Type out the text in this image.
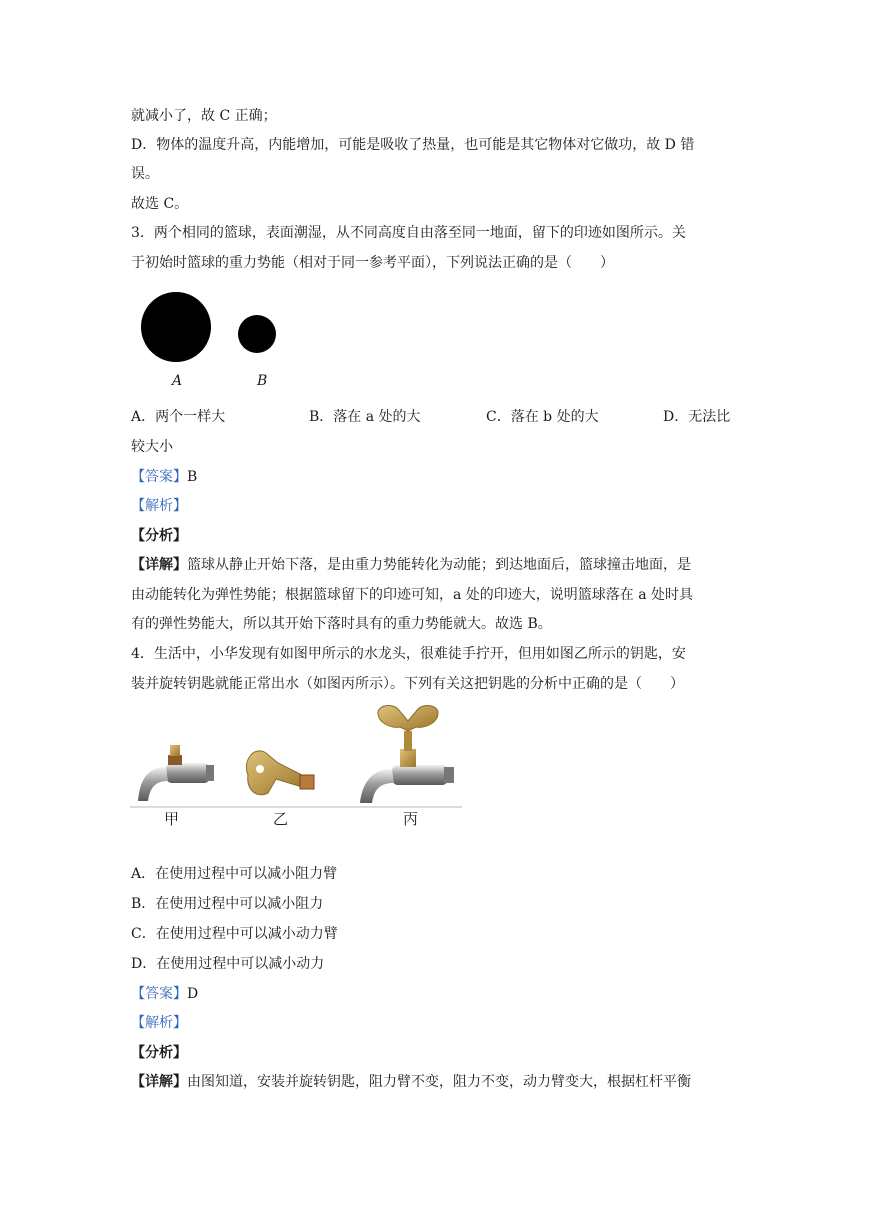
就减小了，故 C 正确；
D．物体的温度升高，内能增加，可能是吸收了热量，也可能是其它物体对它做功，故 D 错
误。
故选 C。
3．两个相同的篮球，表面潮湿，从不同高度自由落至同一地面，留下的印迹如图所示。关
于初始时篮球的重力势能（相对于同一参考平面），下列说法正确的是（　　）
A	B
A．两个一样大	B．落在 a 处的大	C．落在 b 处的大	D．无法比
较大小
【答案】B
【解析】
【分析】
【详解】篮球从静止开始下落，是由重力势能转化为动能；到达地面后，篮球撞击地面，是
由动能转化为弹性势能；根据篮球留下的印迹可知，a 处的印迹大，说明篮球落在 a 处时具
有的弹性势能大，所以其开始下落时具有的重力势能就大。故选 B。
4．生活中，小华发现有如图甲所示的水龙头，很难徒手拧开，但用如图乙所示的钥匙，安
装并旋转钥匙就能正常出水（如图丙所示）。下列有关这把钥匙的分析中正确的是（　　）
甲	乙	丙
A．在使用过程中可以减小阻力臂
B．在使用过程中可以减小阻力
C．在使用过程中可以减小动力臂
D．在使用过程中可以减小动力
【答案】D
【解析】
【分析】
【详解】由图知道，安装并旋转钥匙，阻力臂不变，阻力不变，动力臂变大，根据杠杆平衡
